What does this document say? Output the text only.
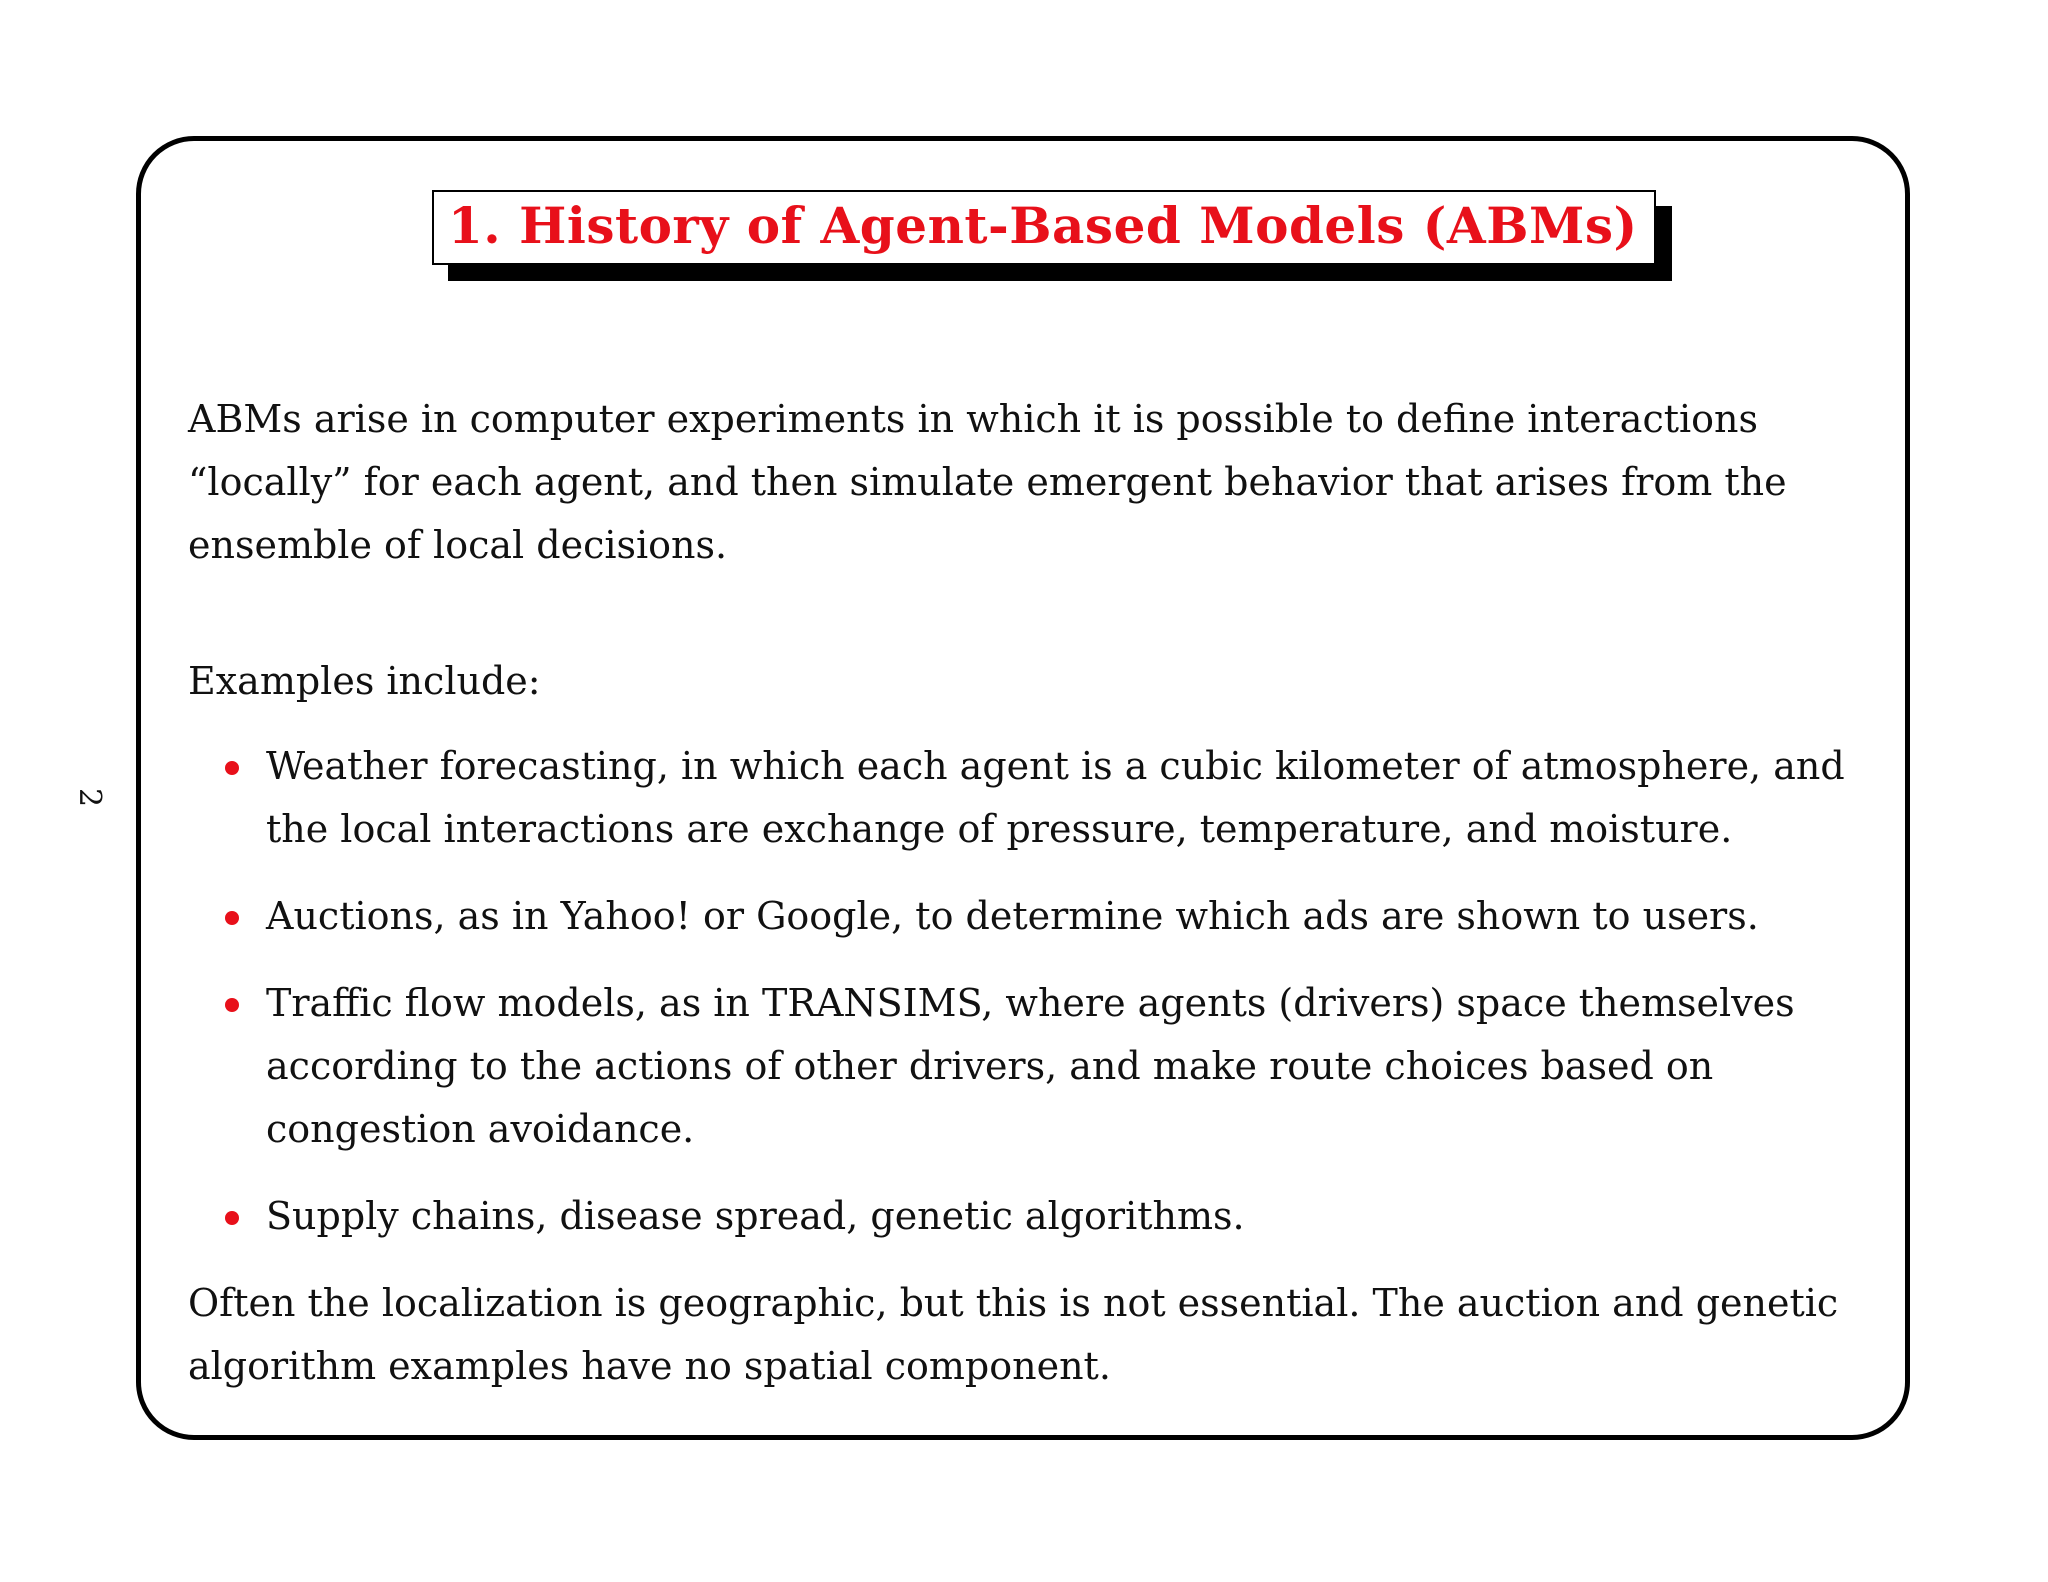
2
1. History of Agent-Based Models (ABMs)

ABMs arise in computer experiments in which it is possible to define interactions “locally” for each agent, and then simulate emergent behavior that arises from the ensemble of local decisions.

Examples include:

Weather forecasting, in which each agent is a cubic kilometer of atmosphere, and the local interactions are exchange of pressure, temperature, and moisture.
Auctions, as in Yahoo! or Google, to determine which ads are shown to users.
Traffic flow models, as in TRANSIMS, where agents (drivers) space themselves according to the actions of other drivers, and make route choices based on congestion avoidance.
Supply chains, disease spread, genetic algorithms.

Often the localization is geographic, but this is not essential. The auction and genetic algorithm examples have no spatial component.
